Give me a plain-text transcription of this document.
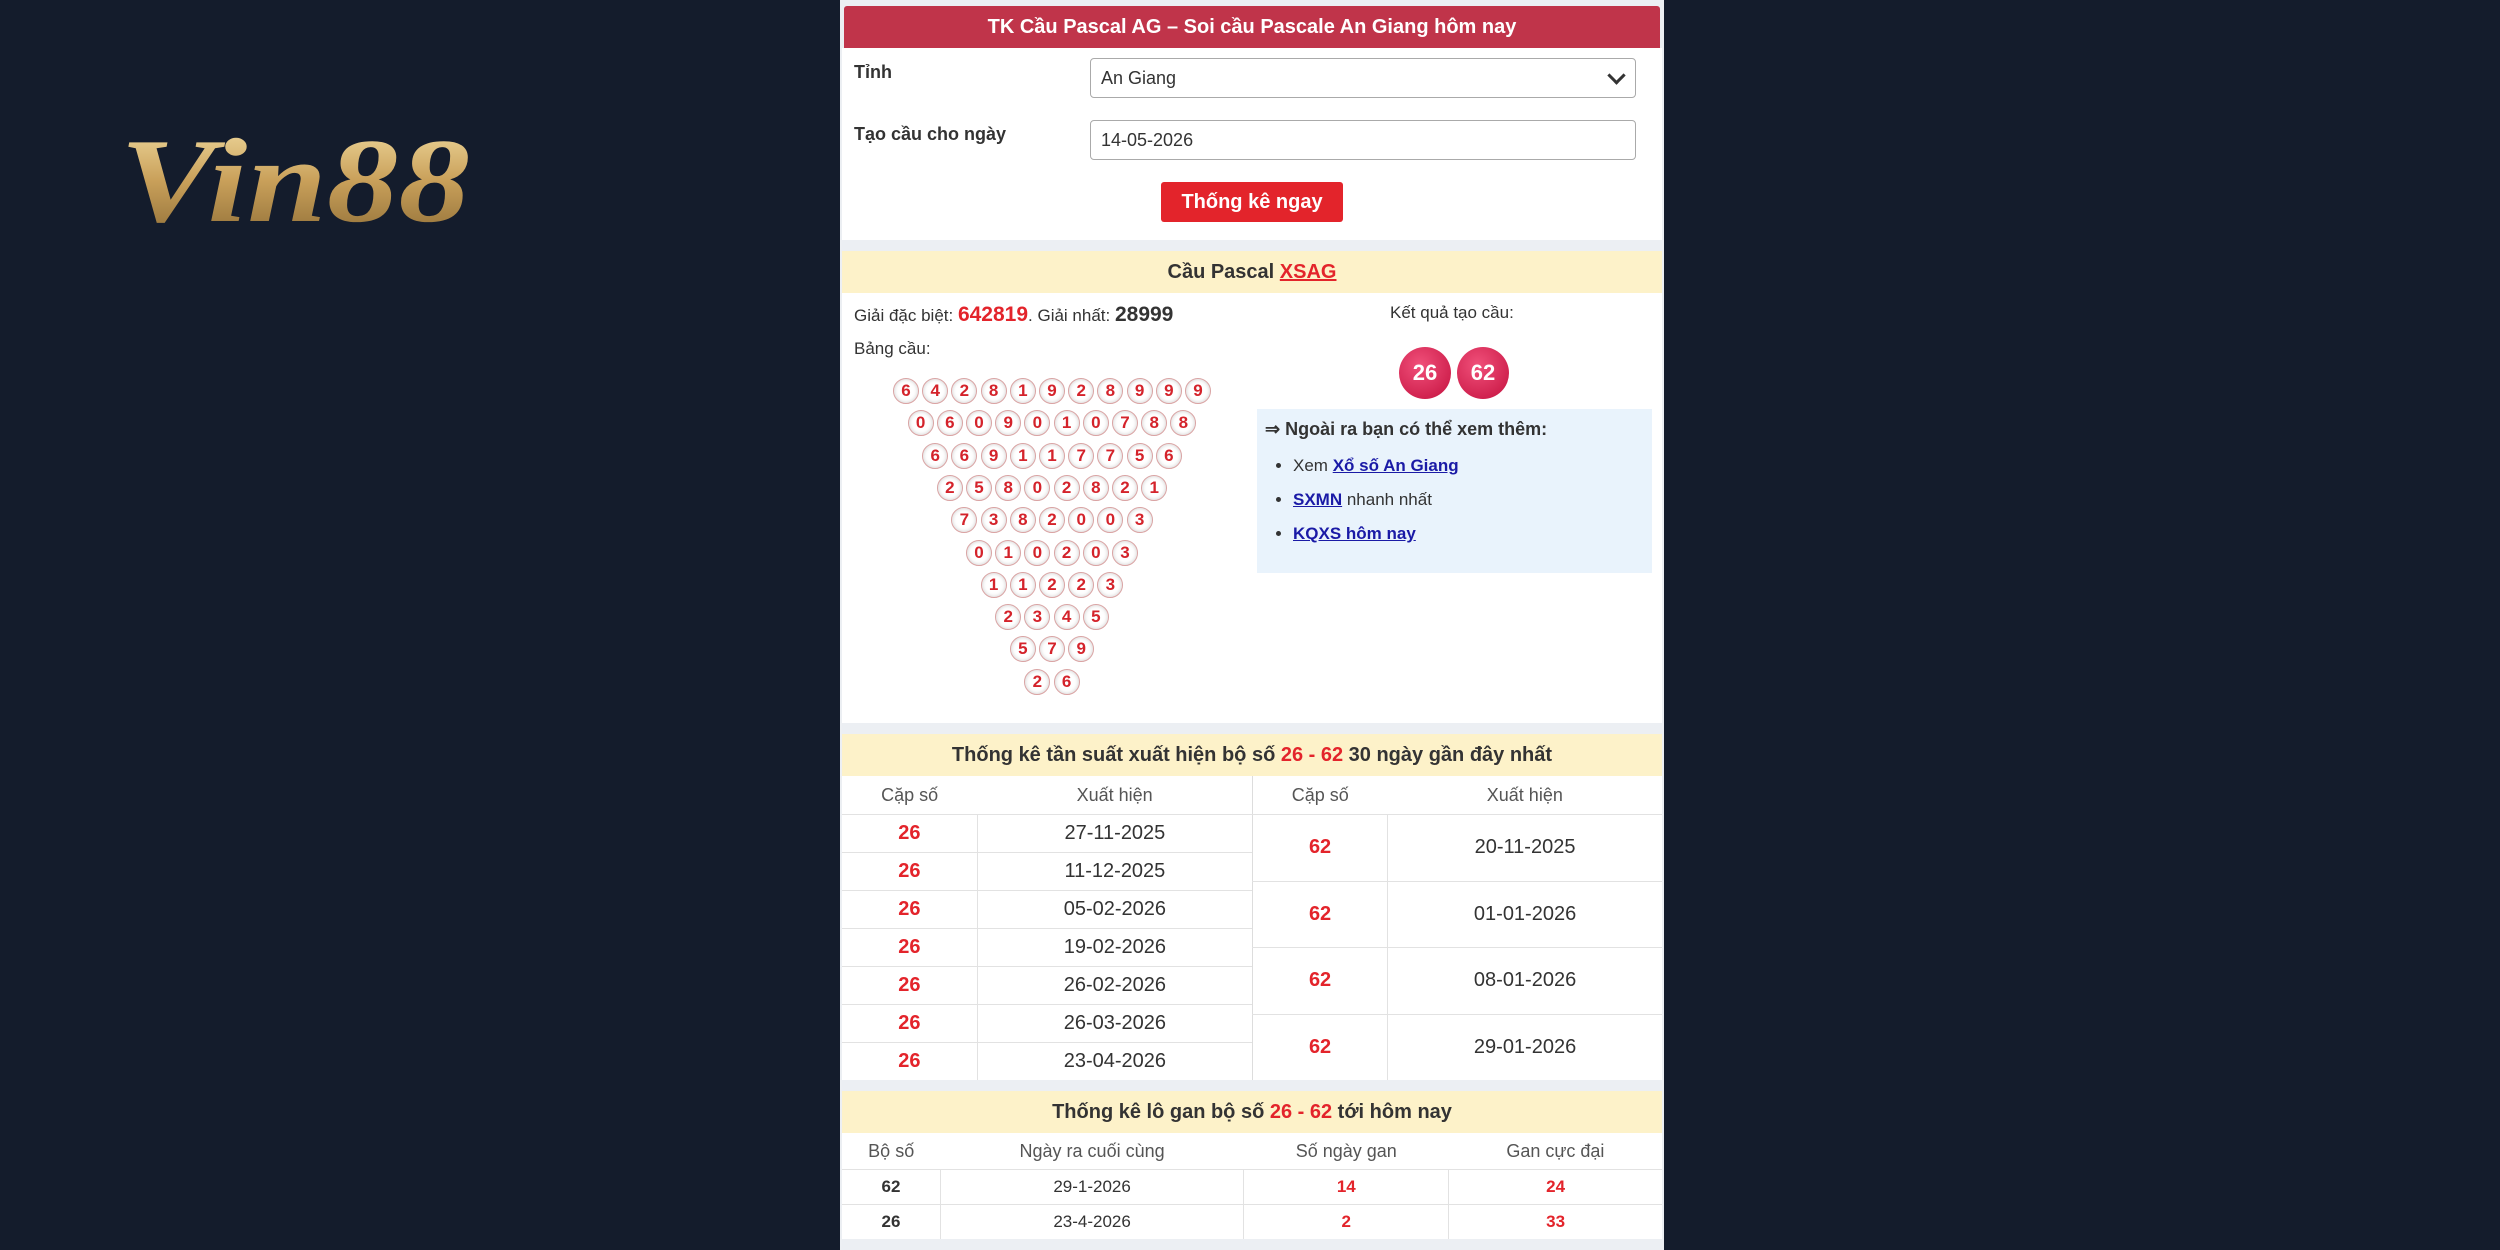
Vin88
TK Cầu Pascal AG – Soi cầu Pascale An Giang hôm nay
Tỉnh	An Giang
Tạo cầu cho ngày	14-05-2026
Thống kê ngay
Cầu Pascal XSAG
Giải đặc biệt: 642819. Giải nhất: 28999
Bảng cầu:
6	4	2	8	1	9	2	8	9	9	9
0	6	0	9	0	1	0	7	8	8
6	6	9	1	1	7	7	5	6
2	5	8	0	2	8	2	1
7	3	8	2	0	0	3
0	1	0	2	0	3
1	1	2	2	3
2	3	4	5
5	7	9
2	6
Kết quả tạo cầu:
26	62
⇒ Ngoài ra bạn có thể xem thêm:
• Xem Xổ số An Giang
• SXMN nhanh nhất
• KQXS hôm nay
Thống kê tần suất xuất hiện bộ số 26 - 62 30 ngày gần đây nhất
Cặp số	Xuất hiện
26	27-11-2025
26	11-12-2025
26	05-02-2026
26	19-02-2026
26	26-02-2026
26	26-03-2026
26	23-04-2026
Cặp số	Xuất hiện
62	20-11-2025
62	01-01-2026
62	08-01-2026
62	29-01-2026
Thống kê lô gan bộ số 26 - 62 tới hôm nay
Bộ số	Ngày ra cuối cùng	Số ngày gan	Gan cực đại
62	29-1-2026	14	24
26	23-4-2026	2	33
